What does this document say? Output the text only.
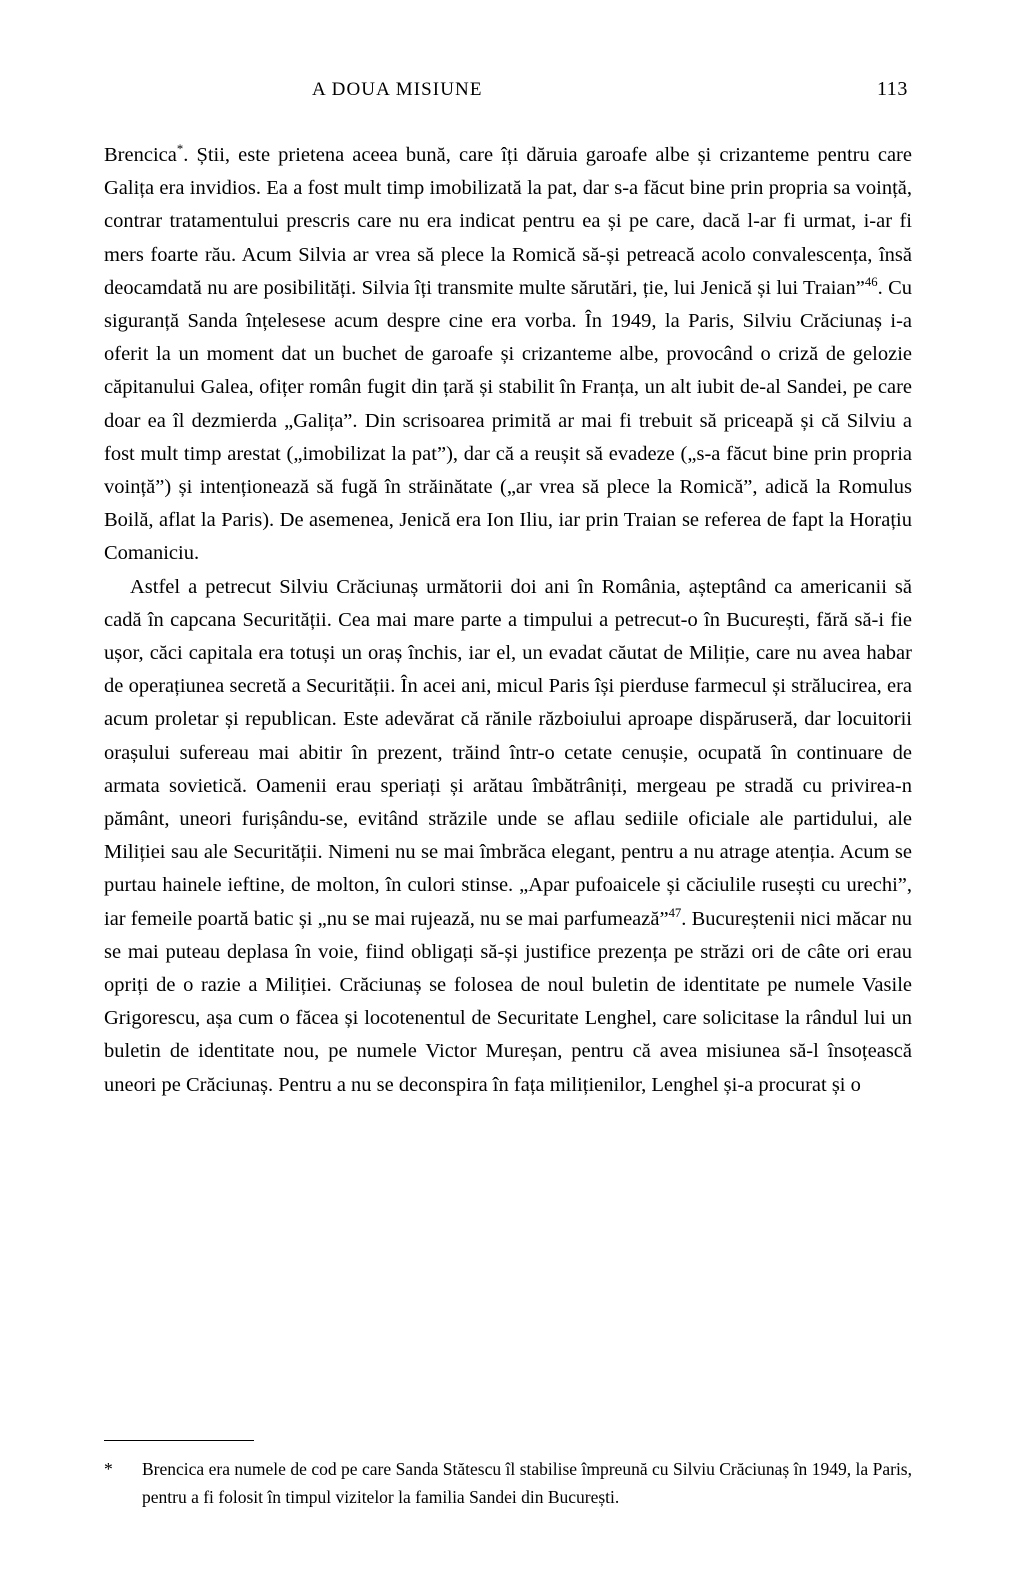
A DOUA MISIUNE	113

Brencica*. Știi, este prietena aceea bună, care îți dăruia garoafe albe și crizanteme pentru care Galița era invidios. Ea a fost mult timp imobilizată la pat, dar s-a făcut bine prin propria sa voință, contrar tratamentului prescris care nu era indicat pentru ea și pe care, dacă l-ar fi urmat, i-ar fi mers foarte rău. Acum Silvia ar vrea să plece la Romică să-și petreacă acolo convalescența, însă deocamdată nu are posibilități. Silvia îți transmite multe sărutări, ție, lui Jenică și lui Traian”$^{46}$. Cu siguranță Sanda înțelesese acum despre cine era vorba. În 1949, la Paris, Silviu Crăciunaș i-a oferit la un moment dat un buchet de garoafe și crizanteme albe, provocând o criză de gelozie căpitanului Galea, ofițer român fugit din țară și stabilit în Franța, un alt iubit de-al Sandei, pe care doar ea îl dezmierda „Galița”. Din scrisoarea primită ar mai fi trebuit să priceapă și că Silviu a fost mult timp arestat („imobilizat la pat”), dar că a reușit să evadeze („s-a făcut bine prin propria voință”) și intenționează să fugă în străinătate („ar vrea să plece la Romică”, adică la Romulus Boilă, aflat la Paris). De asemenea, Jenică era Ion Iliu, iar prin Traian se referea de fapt la Horațiu Comaniciu.

Astfel a petrecut Silviu Crăciunaș următorii doi ani în România, așteptând ca americanii să cadă în capcana Securității. Cea mai mare parte a timpului a petrecut-o în București, fără să-i fie ușor, căci capitala era totuși un oraș închis, iar el, un evadat căutat de Miliție, care nu avea habar de operațiunea secretă a Securității. În acei ani, micul Paris își pierduse farmecul și strălucirea, era acum proletar și republican. Este adevărat că rănile războiului aproape dispăruseră, dar locuitorii orașului sufereau mai abitir în prezent, trăind într-o cetate cenușie, ocupată în continuare de armata sovietică. Oamenii erau speriați și arătau îmbătrâniți, mergeau pe stradă cu privirea-n pământ, uneori furișându-se, evitând străzile unde se aflau sediile oficiale ale partidului, ale Miliției sau ale Securității. Nimeni nu se mai îmbrăca elegant, pentru a nu atrage atenția. Acum se purtau hainele ieftine, de molton, în culori stinse. „Apar pufoaicele și căciulile rusești cu urechi”, iar femeile poartă batic și „nu se mai rujează, nu se mai parfumează”$^{47}$. Bucureștenii nici măcar nu se mai puteau deplasa în voie, fiind obligați să-și justifice prezența pe străzi ori de câte ori erau opriți de o razie a Miliției. Crăciunaș se folosea de noul buletin de identitate pe numele Vasile Grigorescu, așa cum o făcea și locotenentul de Securitate Lenghel, care solicitase la rândul lui un buletin de identitate nou, pe numele Victor Mureșan, pentru că avea misiunea să-l însoțească uneori pe Crăciunaș. Pentru a nu se deconspira în fața milițienilor, Lenghel și-a procurat și o

*	Brencica era numele de cod pe care Sanda Stătescu îl stabilise împreună cu Silviu Crăciunaș în 1949, la Paris, pentru a fi folosit în timpul vizitelor la familia Sandei din București.
